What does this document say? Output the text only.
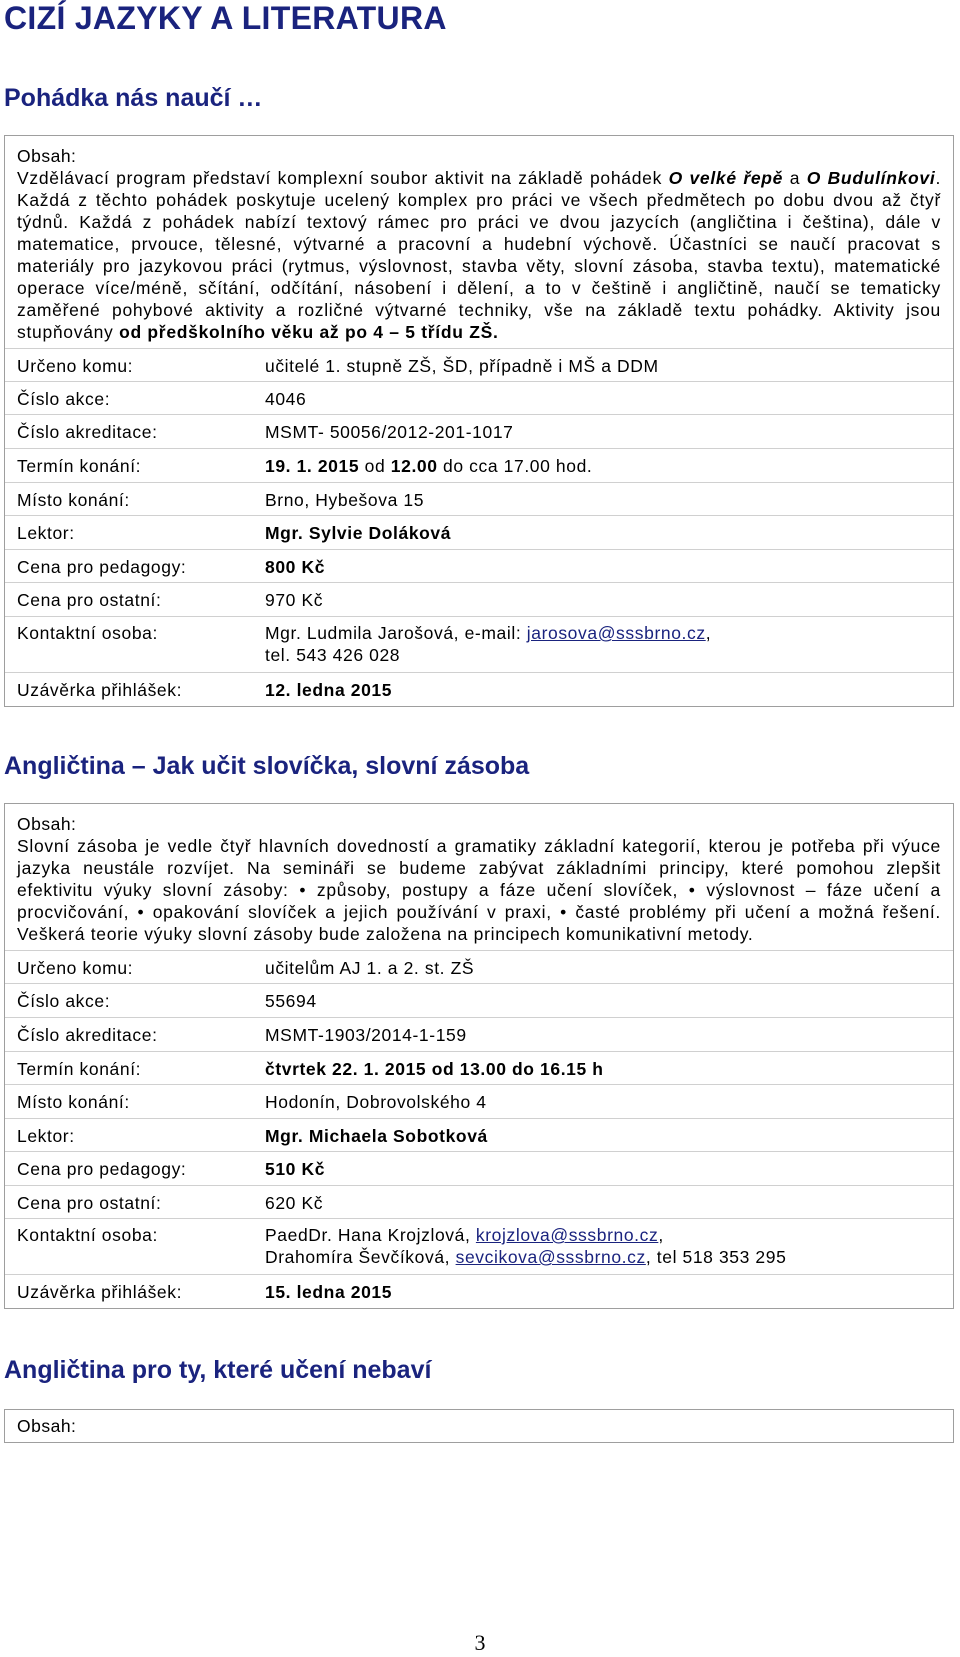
CIZÍ JAZYKY A LITERATURA
Pohádka nás naučí …

Obsah:

Vzdělávací program představí komplexní soubor aktivit na základě pohádek O velké řepě a O Budulínkovi. Každá z těchto pohádek poskytuje ucelený komplex pro práci ve všech předmětech po dobu dvou až čtyř týdnů. Každá z pohádek nabízí textový rámec pro práci ve dvou jazycích (angličtina i čeština), dále v matematice, prvouce, tělesné, výtvarné a pracovní a hudební výchově. Účastníci se naučí pracovat s materiály pro jazykovou práci (rytmus, výslovnost, stavba věty, slovní zásoba, stavba textu), matematické operace více/méně, sčítání, odčítání, násobení i dělení, a to v češtině i angličtině, naučí se tematicky zaměřené pohybové aktivity a rozličné výtvarné techniky, vše na základě textu pohádky. Aktivity jsou stupňovány od předškolního věku až po 4 – 5 třídu ZŠ.

Určeno komu:	učitelé 1. stupně ZŠ, ŠD, případně i MŠ a DDM
Číslo akce:	4046
Číslo akreditace:	MSMT- 50056/2012-201-1017
Termín konání:	19. 1. 2015 od 12.00 do cca 17.00 hod.
Místo konání:	Brno, Hybešova 15
Lektor:	Mgr. Sylvie Doláková
Cena pro pedagogy:	800 Kč
Cena pro ostatní:	970 Kč
Kontaktní osoba:	Mgr. Ludmila Jarošová, e-mail: jarosova@sssbrno.cz,
tel. 543 426 028
Uzávěrka přihlášek:	12. ledna 2015
Angličtina – Jak učit slovíčka, slovní zásoba

Obsah:

Slovní zásoba je vedle čtyř hlavních dovedností a gramatiky základní kategorií, kterou je potřeba při výuce jazyka neustále rozvíjet. Na semináři se budeme zabývat základními principy, které pomohou zlepšit efektivitu výuky slovní zásoby: • způsoby, postupy a fáze učení slovíček, • výslovnost – fáze učení a procvičování, • opakování slovíček a jejich používání v praxi, • časté problémy při učení a možná řešení. Veškerá teorie výuky slovní zásoby bude založena na principech komunikativní metody.

Určeno komu:	učitelům AJ 1. a 2. st. ZŠ
Číslo akce:	55694
Číslo akreditace:	MSMT-1903/2014-1-159
Termín konání:	čtvrtek 22. 1. 2015 od 13.00 do 16.15 h
Místo konání:	Hodonín, Dobrovolského 4
Lektor:	Mgr. Michaela Sobotková
Cena pro pedagogy:	510 Kč
Cena pro ostatní:	620 Kč
Kontaktní osoba:	PaedDr. Hana Krojzlová, krojzlova@sssbrno.cz,
Drahomíra Ševčíková, sevcikova@sssbrno.cz, tel 518 353 295
Uzávěrka přihlášek:	15. ledna 2015
Angličtina pro ty, které učení nebaví
Obsah:
3
